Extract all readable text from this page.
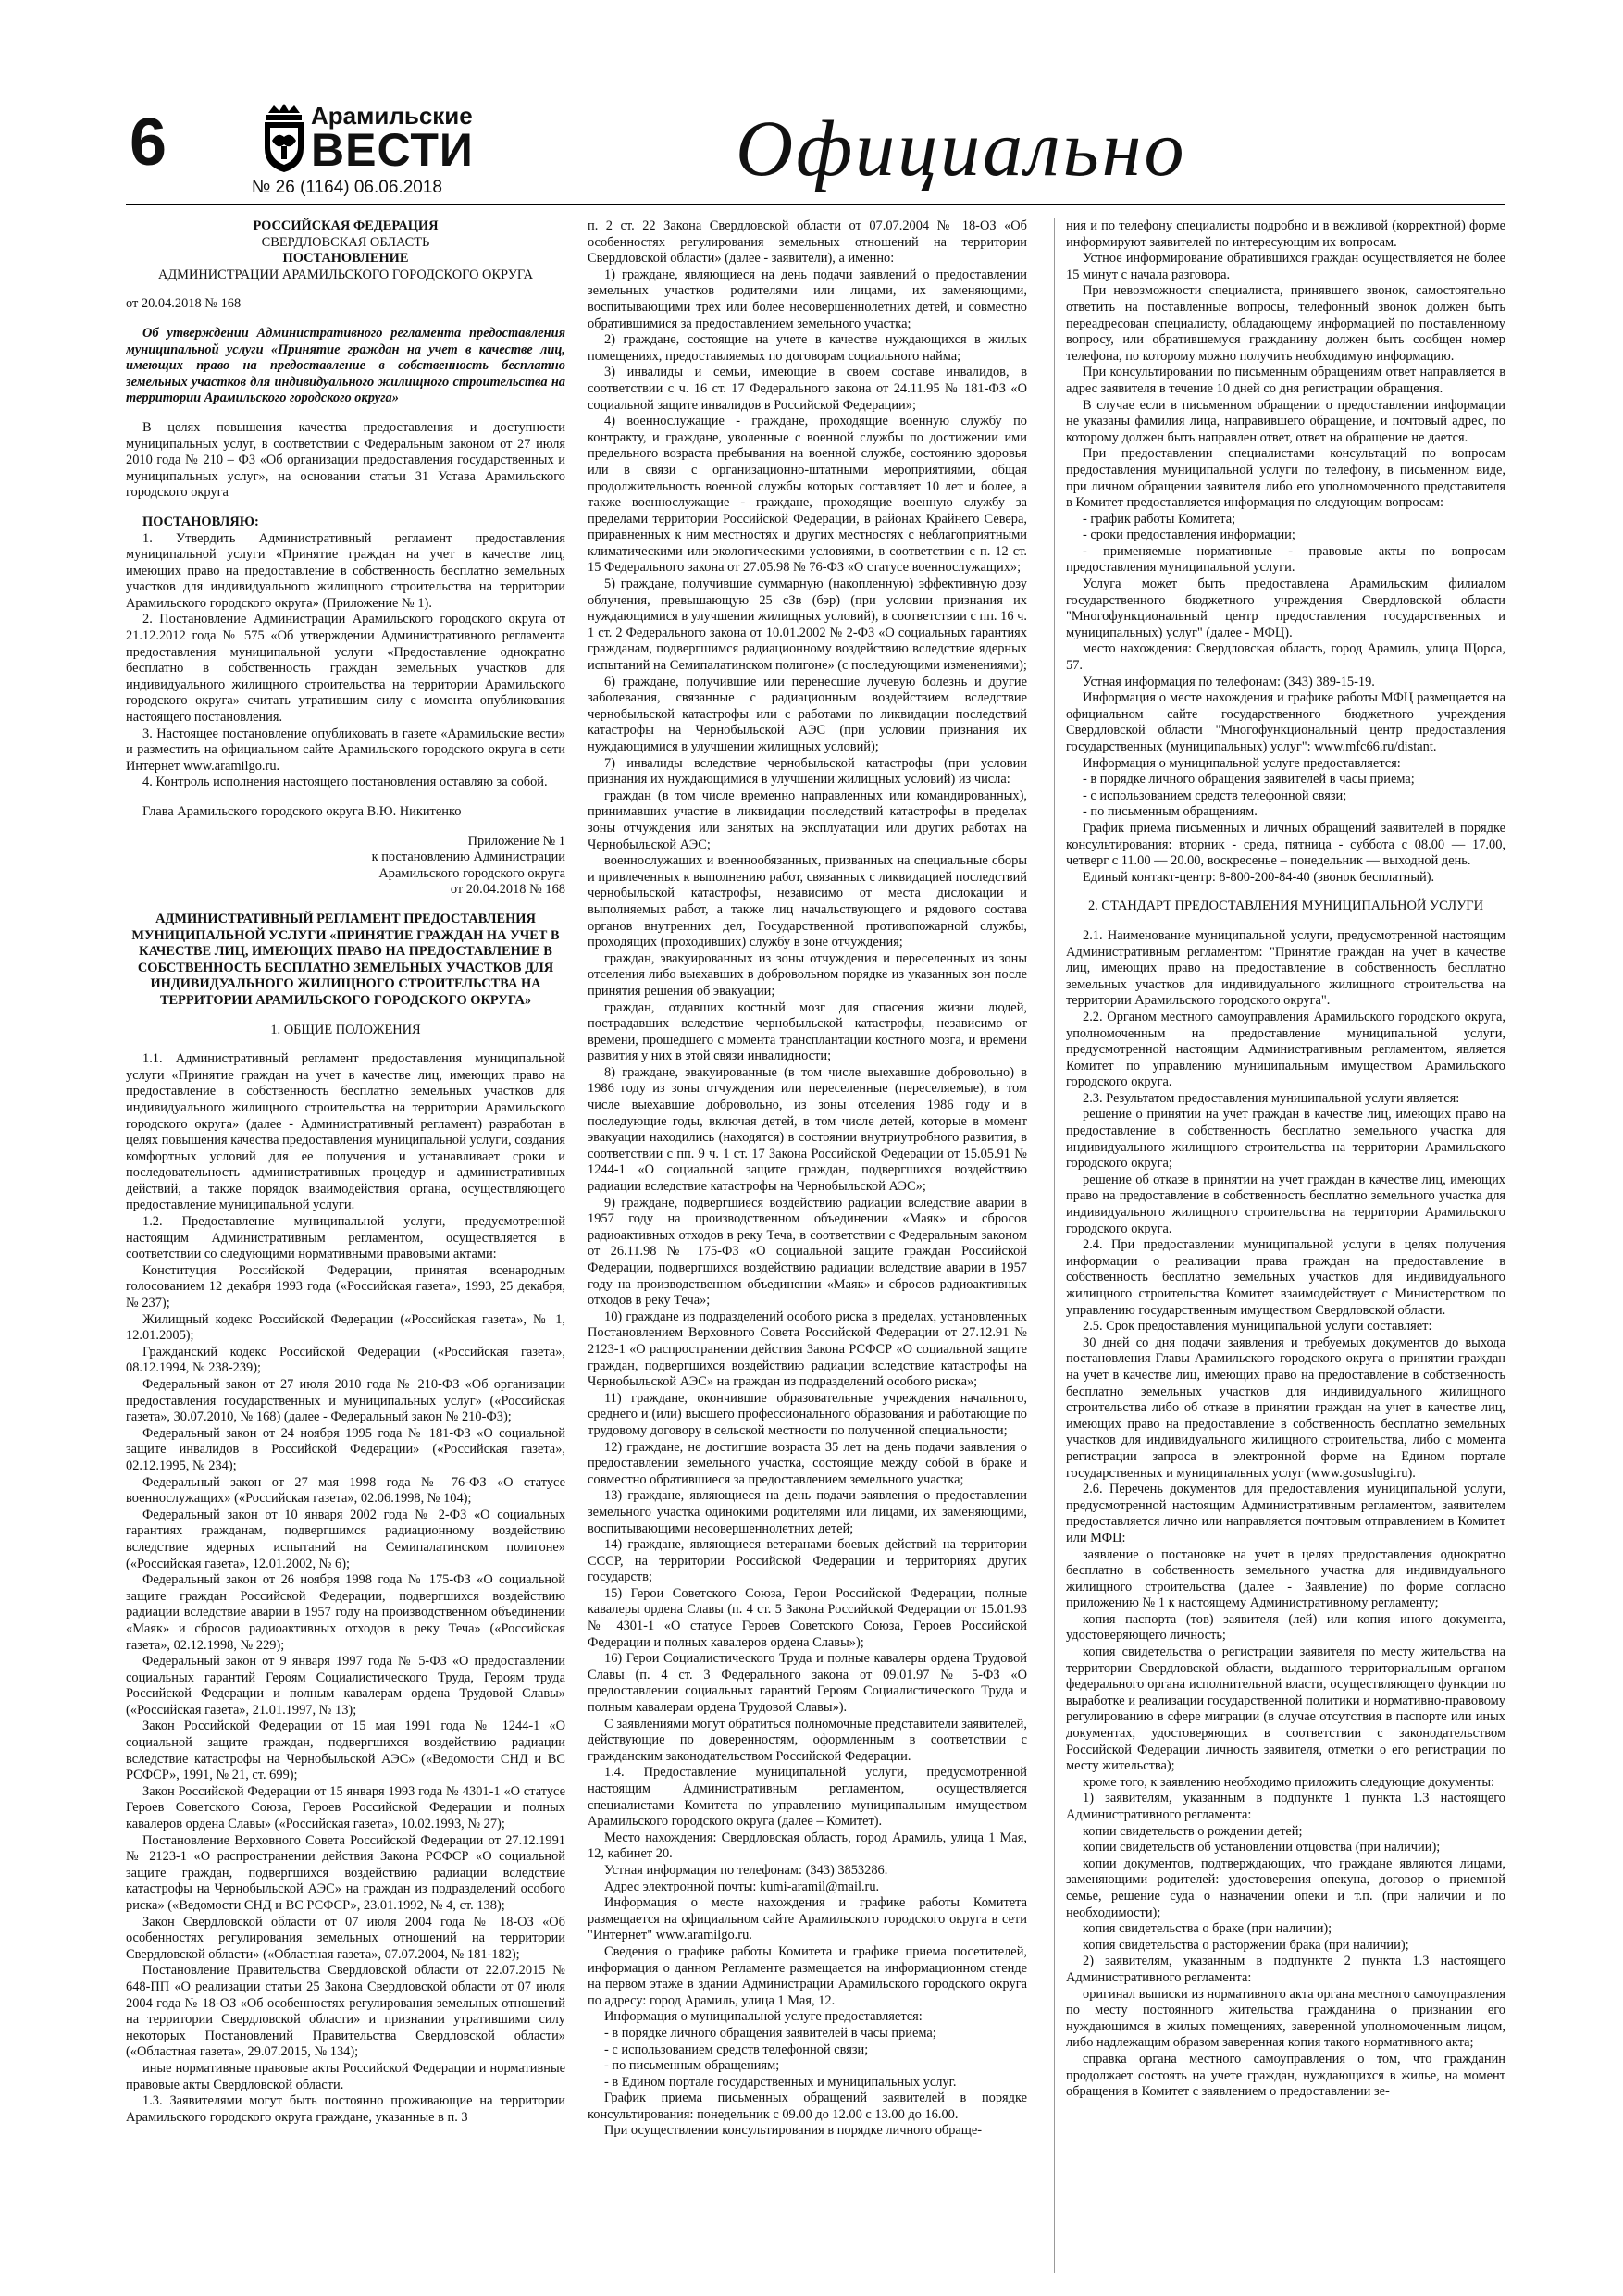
6	Арамильские
ВЕСТИ
№ 26 (1164) 06.06.2018	Официально

РОССИЙСКАЯ ФЕДЕРАЦИЯ

СВЕРДЛОВСКАЯ ОБЛАСТЬ

ПОСТАНОВЛЕНИЕ

АДМИНИСТРАЦИИ АРАМИЛЬСКОГО ГОРОДСКОГО ОКРУГА

от 20.04.2018 № 168

Об утверждении Административного регламента предоставления муниципальной услуги «Принятие граждан на учет в качестве лиц, имеющих право на предоставление в собственность бесплатно земельных участков для индивидуального жилищного строительства на территории Арамильского городского округа»

В целях повышения качества предоставления и доступности муниципальных услуг, в соответствии с Федеральным законом от 27 июля 2010 года № 210 – ФЗ «Об организации предоставления государственных и муниципальных услуг», на основании статьи 31 Устава Арамильского городского округа

ПОСТАНОВЛЯЮ:

1. Утвердить Административный регламент предоставления муниципальной услуги «Принятие граждан на учет в качестве лиц, имеющих право на предоставление в собственность бесплатно земельных участков для индивидуального жилищного строительства на территории Арамильского городского округа» (Приложение № 1).

2. Постановление Администрации Арамильского городского округа от 21.12.2012 года № 575 «Об утверждении Административного регламента предоставления муниципальной услуги «Предоставление однократно бесплатно в собственность граждан земельных участков для индивидуального жилищного строительства на территории Арамильского городского округа» считать утратившим силу с момента опубликования настоящего постановления.

3. Настоящее постановление опубликовать в газете «Арамильские вести» и разместить на официальном сайте Арамильского городского округа в сети Интернет www.aramilgo.ru.

4. Контроль исполнения настоящего постановления оставляю за собой.

Глава Арамильского городского округа В.Ю. Никитенко

Приложение № 1

к постановлению Администрации

Арамильского городского округа

от 20.04.2018 № 168

АДМИНИСТРАТИВНЫЙ РЕГЛАМЕНТ ПРЕДОСТАВЛЕНИЯ МУНИЦИПАЛЬНОЙ УСЛУГИ «ПРИНЯТИЕ ГРАЖДАН НА УЧЕТ В КАЧЕСТВЕ ЛИЦ, ИМЕЮЩИХ ПРАВО НА ПРЕДОСТАВЛЕНИЕ В СОБСТВЕННОСТЬ БЕСПЛАТНО ЗЕМЕЛЬНЫХ УЧАСТКОВ ДЛЯ ИНДИВИДУАЛЬНОГО ЖИЛИЩНОГО СТРОИТЕЛЬСТВА НА ТЕРРИТОРИИ АРАМИЛЬСКОГО ГОРОДСКОГО ОКРУГА»

1. ОБЩИЕ ПОЛОЖЕНИЯ

1.1. Административный регламент предоставления муниципальной услуги «Принятие граждан на учет в качестве лиц, имеющих право на предоставление в собственность бесплатно земельных участков для индивидуального жилищного строительства на территории Арамильского городского округа» (далее - Административный регламент) разработан в целях повышения качества предоставления муниципальной услуги, создания комфортных условий для ее получения и устанавливает сроки и последовательность административных процедур и административных действий, а также порядок взаимодействия органа, осуществляющего предоставление муниципальной услуги.

1.2. Предоставление муниципальной услуги, предусмотренной настоящим Административным регламентом, осуществляется в соответствии со следующими нормативными правовыми актами:

Конституция Российской Федерации, принятая всенародным голосованием 12 декабря 1993 года («Российская газета», 1993, 25 декабря, № 237);

Жилищный кодекс Российской Федерации («Российская газета», № 1, 12.01.2005);

Гражданский кодекс Российской Федерации («Российская газета», 08.12.1994, № 238-239);

Федеральный закон от 27 июля 2010 года № 210-ФЗ «Об организации предоставления государственных и муниципальных услуг» («Российская газета», 30.07.2010, № 168) (далее - Федеральный закон № 210-ФЗ);

Федеральный закон от 24 ноября 1995 года № 181-ФЗ «О социальной защите инвалидов в Российской Федерации» («Российская газета», 02.12.1995, № 234);

Федеральный закон от 27 мая 1998 года № 76-ФЗ «О статусе военнослужащих» («Российская газета», 02.06.1998, № 104);

Федеральный закон от 10 января 2002 года № 2-ФЗ «О социальных гарантиях гражданам, подвергшимся радиационному воздействию вследствие ядерных испытаний на Семипалатинском полигоне» («Российская газета», 12.01.2002, № 6);

Федеральный закон от 26 ноября 1998 года № 175-ФЗ «О социальной защите граждан Российской Федерации, подвергшихся воздействию радиации вследствие аварии в 1957 году на производственном объединении «Маяк» и сбросов радиоактивных отходов в реку Теча» («Российская газета», 02.12.1998, № 229);

Федеральный закон от 9 января 1997 года № 5-ФЗ «О предоставлении социальных гарантий Героям Социалистического Труда, Героям труда Российской Федерации и полным кавалерам ордена Трудовой Славы» («Российская газета», 21.01.1997, № 13);

Закон Российской Федерации от 15 мая 1991 года № 1244-1 «О социальной защите граждан, подвергшихся воздействию радиации вследствие катастрофы на Чернобыльской АЭС» («Ведомости СНД и ВС РСФСР», 1991, № 21, ст. 699);

Закон Российской Федерации от 15 января 1993 года № 4301-1 «О статусе Героев Советского Союза, Героев Российской Федерации и полных кавалеров ордена Славы» («Российская газета», 10.02.1993, № 27);

Постановление Верховного Совета Российской Федерации от 27.12.1991 № 2123-1 «О распространении действия Закона РСФСР «О социальной защите граждан, подвергшихся воздействию радиации вследствие катастрофы на Чернобыльской АЭС» на граждан из подразделений особого риска» («Ведомости СНД и ВС РСФСР», 23.01.1992, № 4, ст. 138);

Закон Свердловской области от 07 июля 2004 года № 18-ОЗ «Об особенностях регулирования земельных отношений на территории Свердловской области» («Областная газета», 07.07.2004, № 181-182);

Постановление Правительства Свердловской области от 22.07.2015 № 648-ПП «О реализации статьи 25 Закона Свердловской области от 07 июля 2004 года № 18-ОЗ «Об особенностях регулирования земельных отношений на территории Свердловской области» и признании утратившими силу некоторых Постановлений Правительства Свердловской области» («Областная газета», 29.07.2015, № 134);

иные нормативные правовые акты Российской Федерации и нормативные правовые акты Свердловской области.

1.3. Заявителями могут быть постоянно проживающие на территории Арамильского городского округа граждане, указанные в п. 3

п. 2 ст. 22 Закона Свердловской области от 07.07.2004 № 18-ОЗ «Об особенностях регулирования земельных отношений на территории Свердловской области» (далее - заявители), а именно:

1) граждане, являющиеся на день подачи заявлений о предоставлении земельных участков родителями или лицами, их заменяющими, воспитывающими трех или более несовершеннолетних детей, и совместно обратившимися за предоставлением земельного участка;

2) граждане, состоящие на учете в качестве нуждающихся в жилых помещениях, предоставляемых по договорам социального найма;

3) инвалиды и семьи, имеющие в своем составе инвалидов, в соответствии с ч. 16 ст. 17 Федерального закона от 24.11.95 № 181-ФЗ «О социальной защите инвалидов в Российской Федерации»;

4) военнослужащие - граждане, проходящие военную службу по контракту, и граждане, уволенные с военной службы по достижении ими предельного возраста пребывания на военной службе, состоянию здоровья или в связи с организационно-штатными мероприятиями, общая продолжительность военной службы которых составляет 10 лет и более, а также военнослужащие - граждане, проходящие военную службу за пределами территории Российской Федерации, в районах Крайнего Севера, приравненных к ним местностях и других местностях с неблагоприятными климатическими или экологическими условиями, в соответствии с п. 12 ст. 15 Федерального закона от 27.05.98 № 76-ФЗ «О статусе военнослужащих»;

5) граждане, получившие суммарную (накопленную) эффективную дозу облучения, превышающую 25 сЗв (бэр) (при условии признания их нуждающимися в улучшении жилищных условий), в соответствии с пп. 16 ч. 1 ст. 2 Федерального закона от 10.01.2002 № 2-ФЗ «О социальных гарантиях гражданам, подвергшимся радиационному воздействию вследствие ядерных испытаний на Семипалатинском полигоне» (с последующими изменениями);

6) граждане, получившие или перенесшие лучевую болезнь и другие заболевания, связанные с радиационным воздействием вследствие чернобыльской катастрофы или с работами по ликвидации последствий катастрофы на Чернобыльской АЭС (при условии признания их нуждающимися в улучшении жилищных условий);

7) инвалиды вследствие чернобыльской катастрофы (при условии признания их нуждающимися в улучшении жилищных условий) из числа:

граждан (в том числе временно направленных или командированных), принимавших участие в ликвидации последствий катастрофы в пределах зоны отчуждения или занятых на эксплуатации или других работах на Чернобыльской АЭС;

военнослужащих и военнообязанных, призванных на специальные сборы и привлеченных к выполнению работ, связанных с ликвидацией последствий чернобыльской катастрофы, независимо от места дислокации и выполняемых работ, а также лиц начальствующего и рядового состава органов внутренних дел, Государственной противопожарной службы, проходящих (проходивших) службу в зоне отчуждения;

граждан, эвакуированных из зоны отчуждения и переселенных из зоны отселения либо выехавших в добровольном порядке из указанных зон после принятия решения об эвакуации;

граждан, отдавших костный мозг для спасения жизни людей, пострадавших вследствие чернобыльской катастрофы, независимо от времени, прошедшего с момента трансплантации костного мозга, и времени развития у них в этой связи инвалидности;

8) граждане, эвакуированные (в том числе выехавшие добровольно) в 1986 году из зоны отчуждения или переселенные (переселяемые), в том числе выехавшие добровольно, из зоны отселения 1986 году и в последующие годы, включая детей, в том числе детей, которые в момент эвакуации находились (находятся) в состоянии внутриутробного развития, в соответствии с пп. 9 ч. 1 ст. 17 Закона Российской Федерации от 15.05.91 № 1244-1 «О социальной защите граждан, подвергшихся воздействию радиации вследствие катастрофы на Чернобыльской АЭС»;

9) граждане, подвергшиеся воздействию радиации вследствие аварии в 1957 году на производственном объединении «Маяк» и сбросов радиоактивных отходов в реку Теча, в соответствии с Федеральным законом от 26.11.98 № 175-ФЗ «О социальной защите граждан Российской Федерации, подвергшихся воздействию радиации вследствие аварии в 1957 году на производственном объединении «Маяк» и сбросов радиоактивных отходов в реку Теча»;

10) граждане из подразделений особого риска в пределах, установленных Постановлением Верховного Совета Российской Федерации от 27.12.91 № 2123-1 «О распространении действия Закона РСФСР «О социальной защите граждан, подвергшихся воздействию радиации вследствие катастрофы на Чернобыльской АЭС» на граждан из подразделений особого риска»;

11) граждане, окончившие образовательные учреждения начального, среднего и (или) высшего профессионального образования и работающие по трудовому договору в сельской местности по полученной специальности;

12) граждане, не достигшие возраста 35 лет на день подачи заявления о предоставлении земельного участка, состоящие между собой в браке и совместно обратившиеся за предоставлением земельного участка;

13) граждане, являющиеся на день подачи заявления о предоставлении земельного участка одинокими родителями или лицами, их заменяющими, воспитывающими несовершеннолетних детей;

14) граждане, являющиеся ветеранами боевых действий на территории СССР, на территории Российской Федерации и территориях других государств;

15) Герои Советского Союза, Герои Российской Федерации, полные кавалеры ордена Славы (п. 4 ст. 5 Закона Российской Федерации от 15.01.93 № 4301-1 «О статусе Героев Советского Союза, Героев Российской Федерации и полных кавалеров ордена Славы»);

16) Герои Социалистического Труда и полные кавалеры ордена Трудовой Славы (п. 4 ст. 3 Федерального закона от 09.01.97 № 5-ФЗ «О предоставлении социальных гарантий Героям Социалистического Труда и полным кавалерам ордена Трудовой Славы»).

С заявлениями могут обратиться полномочные представители заявителей, действующие по доверенностям, оформленным в соответствии с гражданским законодательством Российской Федерации.

1.4. Предоставление муниципальной услуги, предусмотренной настоящим Административным регламентом, осуществляется специалистами Комитета по управлению муниципальным имуществом Арамильского городского округа (далее – Комитет).

Место нахождения: Свердловская область, город Арамиль, улица 1 Мая, 12, кабинет 20.

Устная информация по телефонам: (343) 3853286.

Адрес электронной почты: kumi-aramil@mail.ru.

Информация о месте нахождения и графике работы Комитета размещается на официальном сайте Арамильского городского округа в сети "Интернет" www.aramilgo.ru.

Сведения о графике работы Комитета и графике приема посетителей, информация о данном Регламенте размещается на информационном стенде на первом этаже в здании Администрации Арамильского городского округа по адресу: город Арамиль, улица 1 Мая, 12.

Информация о муниципальной услуге предоставляется:

- в порядке личного обращения заявителей в часы приема;

- с использованием средств телефонной связи;

- по письменным обращениям;

- в Едином портале государственных и муниципальных услуг.

График приема письменных обращений заявителей в порядке консультирования: понедельник с 09.00 до 12.00 с 13.00 до 16.00.

При осуществлении консультирования в порядке личного обраще-

ния и по телефону специалисты подробно и в вежливой (корректной) форме информируют заявителей по интересующим их вопросам.

Устное информирование обратившихся граждан осуществляется не более 15 минут с начала разговора.

При невозможности специалиста, принявшего звонок, самостоятельно ответить на поставленные вопросы, телефонный звонок должен быть переадресован специалисту, обладающему информацией по поставленному вопросу, или обратившемуся гражданину должен быть сообщен номер телефона, по которому можно получить необходимую информацию.

При консультировании по письменным обращениям ответ направляется в адрес заявителя в течение 10 дней со дня регистрации обращения.

В случае если в письменном обращении о предоставлении информации не указаны фамилия лица, направившего обращение, и почтовый адрес, по которому должен быть направлен ответ, ответ на обращение не дается.

При предоставлении специалистами консультаций по вопросам предоставления муниципальной услуги по телефону, в письменном виде, при личном обращении заявителя либо его уполномоченного представителя в Комитет предоставляется информация по следующим вопросам:

- график работы Комитета;

- сроки предоставления информации;

- применяемые нормативные - правовые акты по вопросам предоставления муниципальной услуги.

Услуга может быть предоставлена Арамильским филиалом государственного бюджетного учреждения Свердловской области "Многофункциональный центр предоставления государственных и муниципальных) услуг" (далее - МФЦ).

место нахождения: Свердловская область, город Арамиль, улица Щорса, 57.

Устная информация по телефонам: (343) 389-15-19.

Информация о месте нахождения и графике работы МФЦ размещается на официальном сайте государственного бюджетного учреждения Свердловской области "Многофункциональный центр предоставления государственных (муниципальных) услуг": www.mfc66.ru/distant.

Информация о муниципальной услуге предоставляется:

- в порядке личного обращения заявителей в часы приема;

- с использованием средств телефонной связи;

- по письменным обращениям.

График приема письменных и личных обращений заявителей в порядке консультирования: вторник - среда, пятница - суббота с 08.00 — 17.00, четверг с 11.00 — 20.00, воскресенье – понедельник — выходной день.

Единый контакт-центр: 8-800-200-84-40 (звонок бесплатный).

2. СТАНДАРТ ПРЕДОСТАВЛЕНИЯ МУНИЦИПАЛЬНОЙ УСЛУГИ

2.1. Наименование муниципальной услуги, предусмотренной настоящим Административным регламентом: "Принятие граждан на учет в качестве лиц, имеющих право на предоставление в собственность бесплатно земельных участков для индивидуального жилищного строительства на территории Арамильского городского округа".

2.2. Органом местного самоуправления Арамильского городского округа, уполномоченным на предоставление муниципальной услуги, предусмотренной настоящим Административным регламентом, является Комитет по управлению муниципальным имуществом Арамильского городского округа.

2.3. Результатом предоставления муниципальной услуги является:

решение о принятии на учет граждан в качестве лиц, имеющих право на предоставление в собственность бесплатно земельного участка для индивидуального жилищного строительства на территории Арамильского городского округа;

решение об отказе в принятии на учет граждан в качестве лиц, имеющих право на предоставление в собственность бесплатно земельного участка для индивидуального жилищного строительства на территории Арамильского городского округа.

2.4. При предоставлении муниципальной услуги в целях получения информации о реализации права граждан на предоставление в собственность бесплатно земельных участков для индивидуального жилищного строительства Комитет взаимодействует с Министерством по управлению государственным имуществом Свердловской области.

2.5. Срок предоставления муниципальной услуги составляет:

30 дней со дня подачи заявления и требуемых документов до выхода постановления Главы Арамильского городского округа о принятии граждан на учет в качестве лиц, имеющих право на предоставление в собственность бесплатно земельных участков для индивидуального жилищного строительства либо об отказе в принятии граждан на учет в качестве лиц, имеющих право на предоставление в собственность бесплатно земельных участков для индивидуального жилищного строительства, либо с момента регистрации запроса в электронной форме на Едином портале государственных и муниципальных услуг (www.gosuslugi.ru).

2.6. Перечень документов для предоставления муниципальной услуги, предусмотренной настоящим Административным регламентом, заявителем предоставляется лично или направляется почтовым отправлением в Комитет или МФЦ:

заявление о постановке на учет в целях предоставления однократно бесплатно в собственность земельного участка для индивидуального жилищного строительства (далее - Заявление) по форме согласно приложению № 1 к настоящему Административному регламенту;

копия паспорта (тов) заявителя (лей) или копия иного документа, удостоверяющего личность;

копия свидетельства о регистрации заявителя по месту жительства на территории Свердловской области, выданного территориальным органом федерального органа исполнительной власти, осуществляющего функции по выработке и реализации государственной политики и нормативно-правовому регулированию в сфере миграции (в случае отсутствия в паспорте или иных документах, удостоверяющих в соответствии с законодательством Российской Федерации личность заявителя, отметки о его регистрации по месту жительства);

кроме того, к заявлению необходимо приложить следующие документы:

1) заявителям, указанным в подпункте 1 пункта 1.3 настоящего Административного регламента:

копии свидетельств о рождении детей;

копии свидетельств об установлении отцовства (при наличии);

копии документов, подтверждающих, что граждане являются лицами, заменяющими родителей: удостоверения опекуна, договор о приемной семье, решение суда о назначении опеки и т.п. (при наличии и по необходимости);

копия свидетельства о браке (при наличии);

копия свидетельства о расторжении брака (при наличии);

2) заявителям, указанным в подпункте 2 пункта 1.3 настоящего Административного регламента:

оригинал выписки из нормативного акта органа местного самоуправления по месту постоянного жительства гражданина о признании его нуждающимся в жилых помещениях, заверенной уполномоченным лицом, либо надлежащим образом заверенная копия такого нормативного акта;

справка органа местного самоуправления о том, что гражданин продолжает состоять на учете граждан, нуждающихся в жилье, на момент обращения в Комитет с заявлением о предоставлении зе-
